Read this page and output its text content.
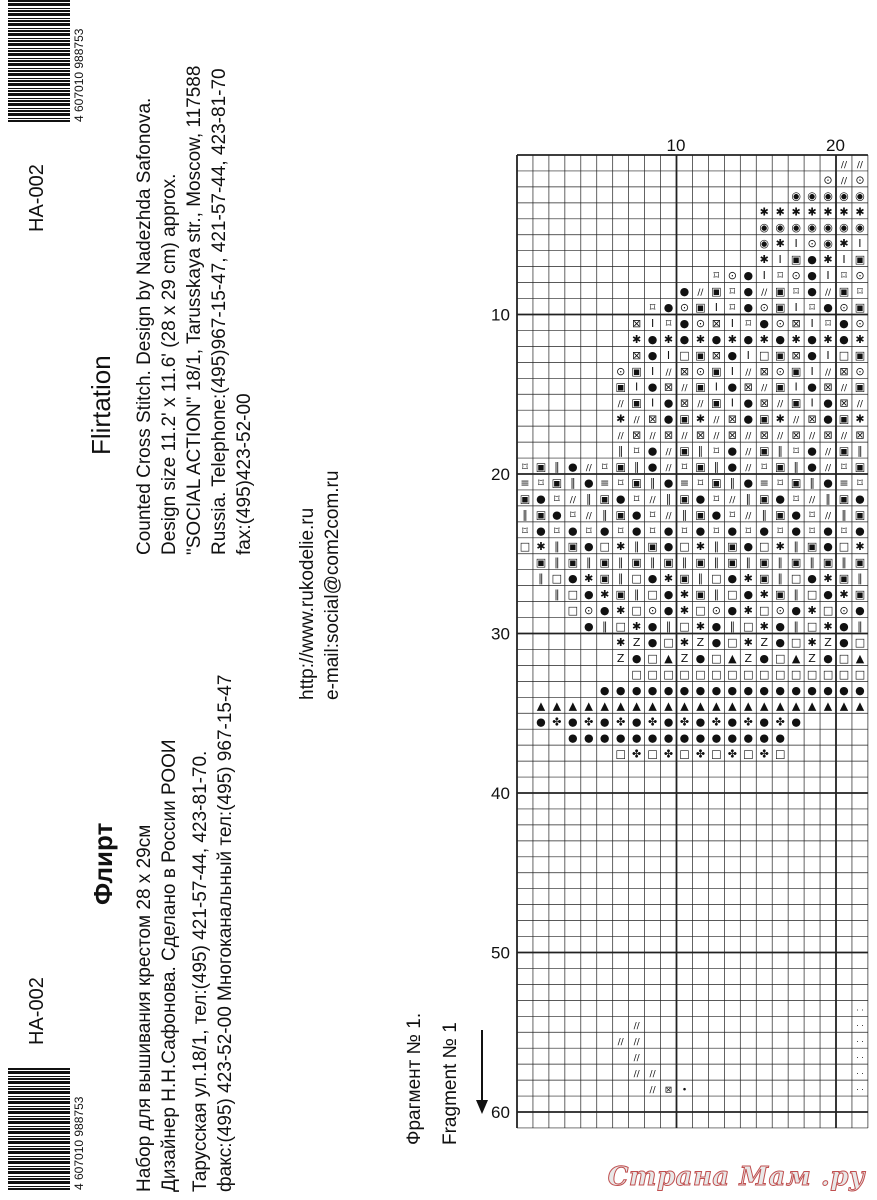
4 607010 988753
4 607010 988753
HA-002
HA-002
Flirtation
Флирт
Counted Cross Stitch. Design by Nadezhda Safonova. Design size 11.2' x 11.6' (28 x 29 cm) approx. "SOCIAL ACTION" 18/1, Tarusskaya str., Moscow, 117588 Russia. Telephone:(495)967-15-47, 421-57-44, 423-81-70 fax:(495)423-52-00
Набор для вышивания крестом 28 х 29см Дизайнер Н.Н.Сафонова. Сделано в России РООИ Тарусская ул.18/1, тел:(495) 421-57-44, 423-81-70. факс:(495) 423-52-00 Многоканальный тел:(495) 967-15-47
http://www.rukodelie.ru e-mail:social@com2com.ru
Фрагмент № 1. Fragment № 1
10	20
10
20
30
40
50
60
// //
⊙ // ⊙
◉ ◉ ◉ ◉ ◉
✱ ✱ ✱ ✱ ✱ ✱ ✱
◉ ◉ ◉ ◉ ◉ ◉ ◉
◉ ✱ I ⊙ ◉ ✱ I
✱ I ▣ ● ✱ I ▣
⌑ ⊙ ● I ⌑ ⊙ ● I ⌑ ⊙
● // ▣ ⌑ ● // ▣ ⌑ ● // ▣ ⌑
⌑ ● ⊙ ▣ I ⌑ ● ⊙ ▣ I ⌑ ● ⊙ ▣
⊠ I ⌑ ● ⊙ ⊠ I ⌑ ● ⊙ ⊠ I ⌑ ● ⊙
✱ ● ✱ ● ✱ ● ✱ ● ✱ ● ✱ ● ✱ ● ✱
⊠ ● I □ ▣ ⊠ ● I □ ▣ ⊠ ● I □ ▣
⊙ ▣ I // ⊠ ⊙ ▣ I // ⊠ ⊙ ▣ I // ⊠ ⊙
▣ I ● ⊠ // ▣ I ● ⊠ // ▣ I ● ⊠ // ▣
// ▣ I ● ⊠ // ▣ I ● ⊠ // ▣ I ● ⊠ //
✱ // ⊠ ● ▣ ✱ // ⊠ ● ▣ ✱ // ⊠ ● ▣ ✱
// ⊠ // ⊠ // ⊠ // ⊠ // ⊠ // ⊠ // ⊠ // ⊠
∥ ⌑ ● // ▣ ∥ ⌑ ● // ▣ ∥ ⌑ ● // ▣ ∥
⌑ ▣ ∥ ● // ⌑ ▣ ∥ ● // ⌑ ▣ ∥ ● // ⌑ ▣ ∥ ● // ⌑ ▣
≡ ⌑ ▣ ∥ ● ≡ ⌑ ▣ ∥ ● ≡ ⌑ ▣ ∥ ● ≡ ⌑ ▣ ∥ ● ≡ ⌑
▣ ● ⌑ // ∥ ▣ ● ⌑ // ∥ ▣ ● ⌑ // ∥ ▣ ● ⌑ // ∥ ▣ ●
∥ ▣ ● ⌑ // ∥ ▣ ● ⌑ // ∥ ▣ ● ⌑ // ∥ ▣ ● ⌑ // ∥ ▣
⌑ ● ⌑ ● ⌑ ● ⌑ ● ⌑ ● ⌑ ● ⌑ ● ⌑ ● ⌑ ● ⌑ ● ⌑ ●
□ ✱ ∥ ▣ ● □ ✱ ∥ ▣ ● □ ✱ ∥ ▣ ● □ ✱ ∥ ▣ ● □ ✱
▣ ∥ ▣ ∥ ▣ ∥ ▣ ∥ ▣ ∥ ▣ ∥ ▣ ∥ ▣ ∥ ▣ ∥ ▣ ∥ ▣
∥ □ ● ✱ ▣ ∥ □ ● ✱ ▣ ∥ □ ● ✱ ▣ ∥ □ ● ✱ ▣ ∥
∥ □ ● ✱ ▣ ∥ □ ● ✱ ▣ ∥ □ ● ✱ ▣ ∥ □ ● ✱ ▣
□ ⊙ ● ✱ □ ⊙ ● ✱ □ ⊙ ● ✱ □ ⊙ ● ✱ □ ⊙ ●
● ∥ □ ✱ ● ∥ □ ✱ ● ∥ □ ✱ ● ∥ □ ✱ ● ∥
✱ Z ● □ ✱ Z ● □ ✱ Z ● □ ✱ Z ● □
Z ● □ ▲ Z ● □ ▲ Z ● □ ▲ Z ● □ ▲
□ □ □ □ □ □ □ □ □ □ □ □ □ □ □
● ● ● ● ● ● ● ● ● ● ● ● ● ● ● ● ●
▲ ▲ ▲ ▲ ▲ ▲ ▲ ▲ ▲ ▲ ▲ ▲ ▲ ▲ ▲ ▲ ▲ ▲ ▲ ▲ ▲
● ✤ ● ✤ ● ✤ ● ✤ ● ✤ ● ✤ ● ✤ ● ✤ ●
● ● ● ● ● ● ● ● ● ● ● ● ● ●
□ ✤ □ ✤ □ ✤ □ ✤ □ ✤ □
//
// //
//
// //
// ⊠ •
· ·
· ·
· ·
· ·
· ·
· ·
Страна Мам .ру
